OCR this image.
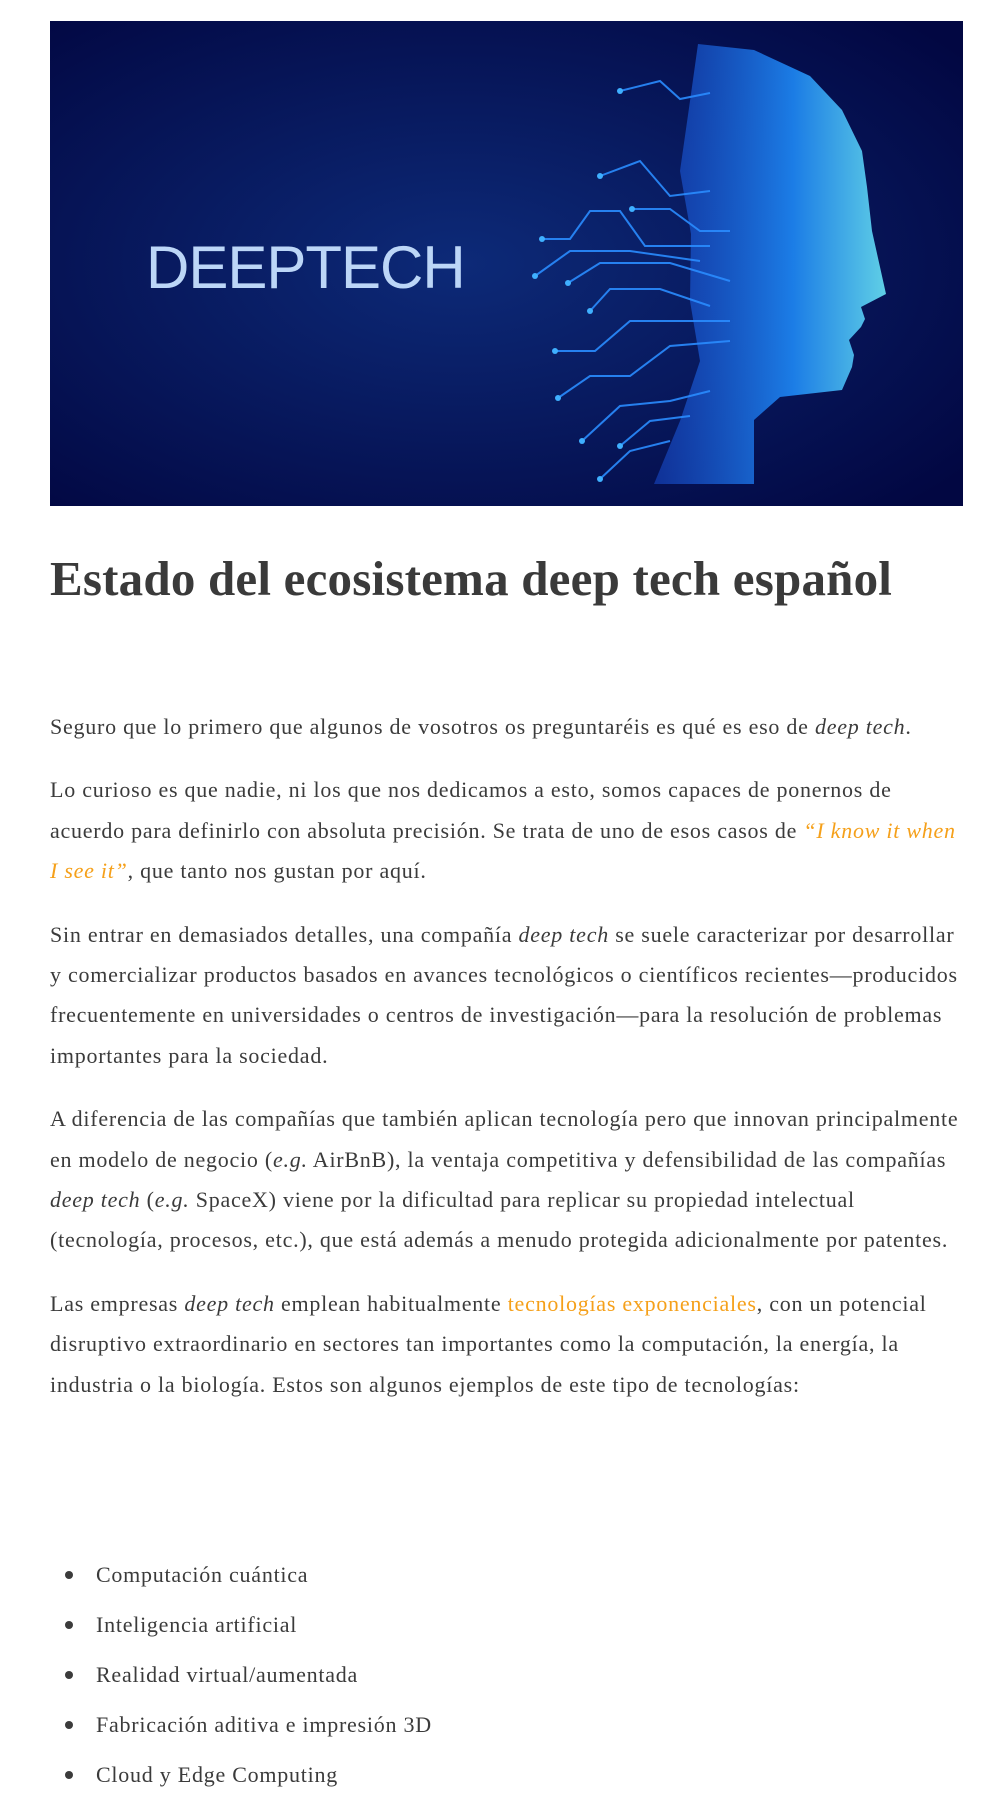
DEEPTECH
Estado del ecosistema deep tech español

Seguro que lo primero que algunos de vosotros os preguntaréis es qué es eso de deep tech.

Lo curioso es que nadie, ni los que nos dedicamos a esto, somos capaces de ponernos de acuerdo para definirlo con absoluta precisión. Se trata de uno de esos casos de “I know it when I see it”, que tanto nos gustan por aquí.

Sin entrar en demasiados detalles, una compañía deep tech se suele caracterizar por desarrollar y comercializar productos basados en avances tecnológicos o científicos recientes—producidos frecuentemente en universidades o centros de investigación—para la resolución de problemas importantes para la sociedad.

A diferencia de las compañías que también aplican tecnología pero que innovan principalmente en modelo de negocio (e.g. AirBnB), la ventaja competitiva y defensibilidad de las compañías deep tech (e.g. SpaceX) viene por la dificultad para replicar su propiedad intelectual (tecnología, procesos, etc.), que está además a menudo protegida adicionalmente por patentes.

Las empresas deep tech emplean habitualmente tecnologías exponenciales, con un potencial disruptivo extraordinario en sectores tan importantes como la computación, la energía, la industria o la biología. Estos son algunos ejemplos de este tipo de tecnologías:

Computación cuántica
Inteligencia artificial
Realidad virtual/aumentada
Fabricación aditiva e impresión 3D
Cloud y Edge Computing
